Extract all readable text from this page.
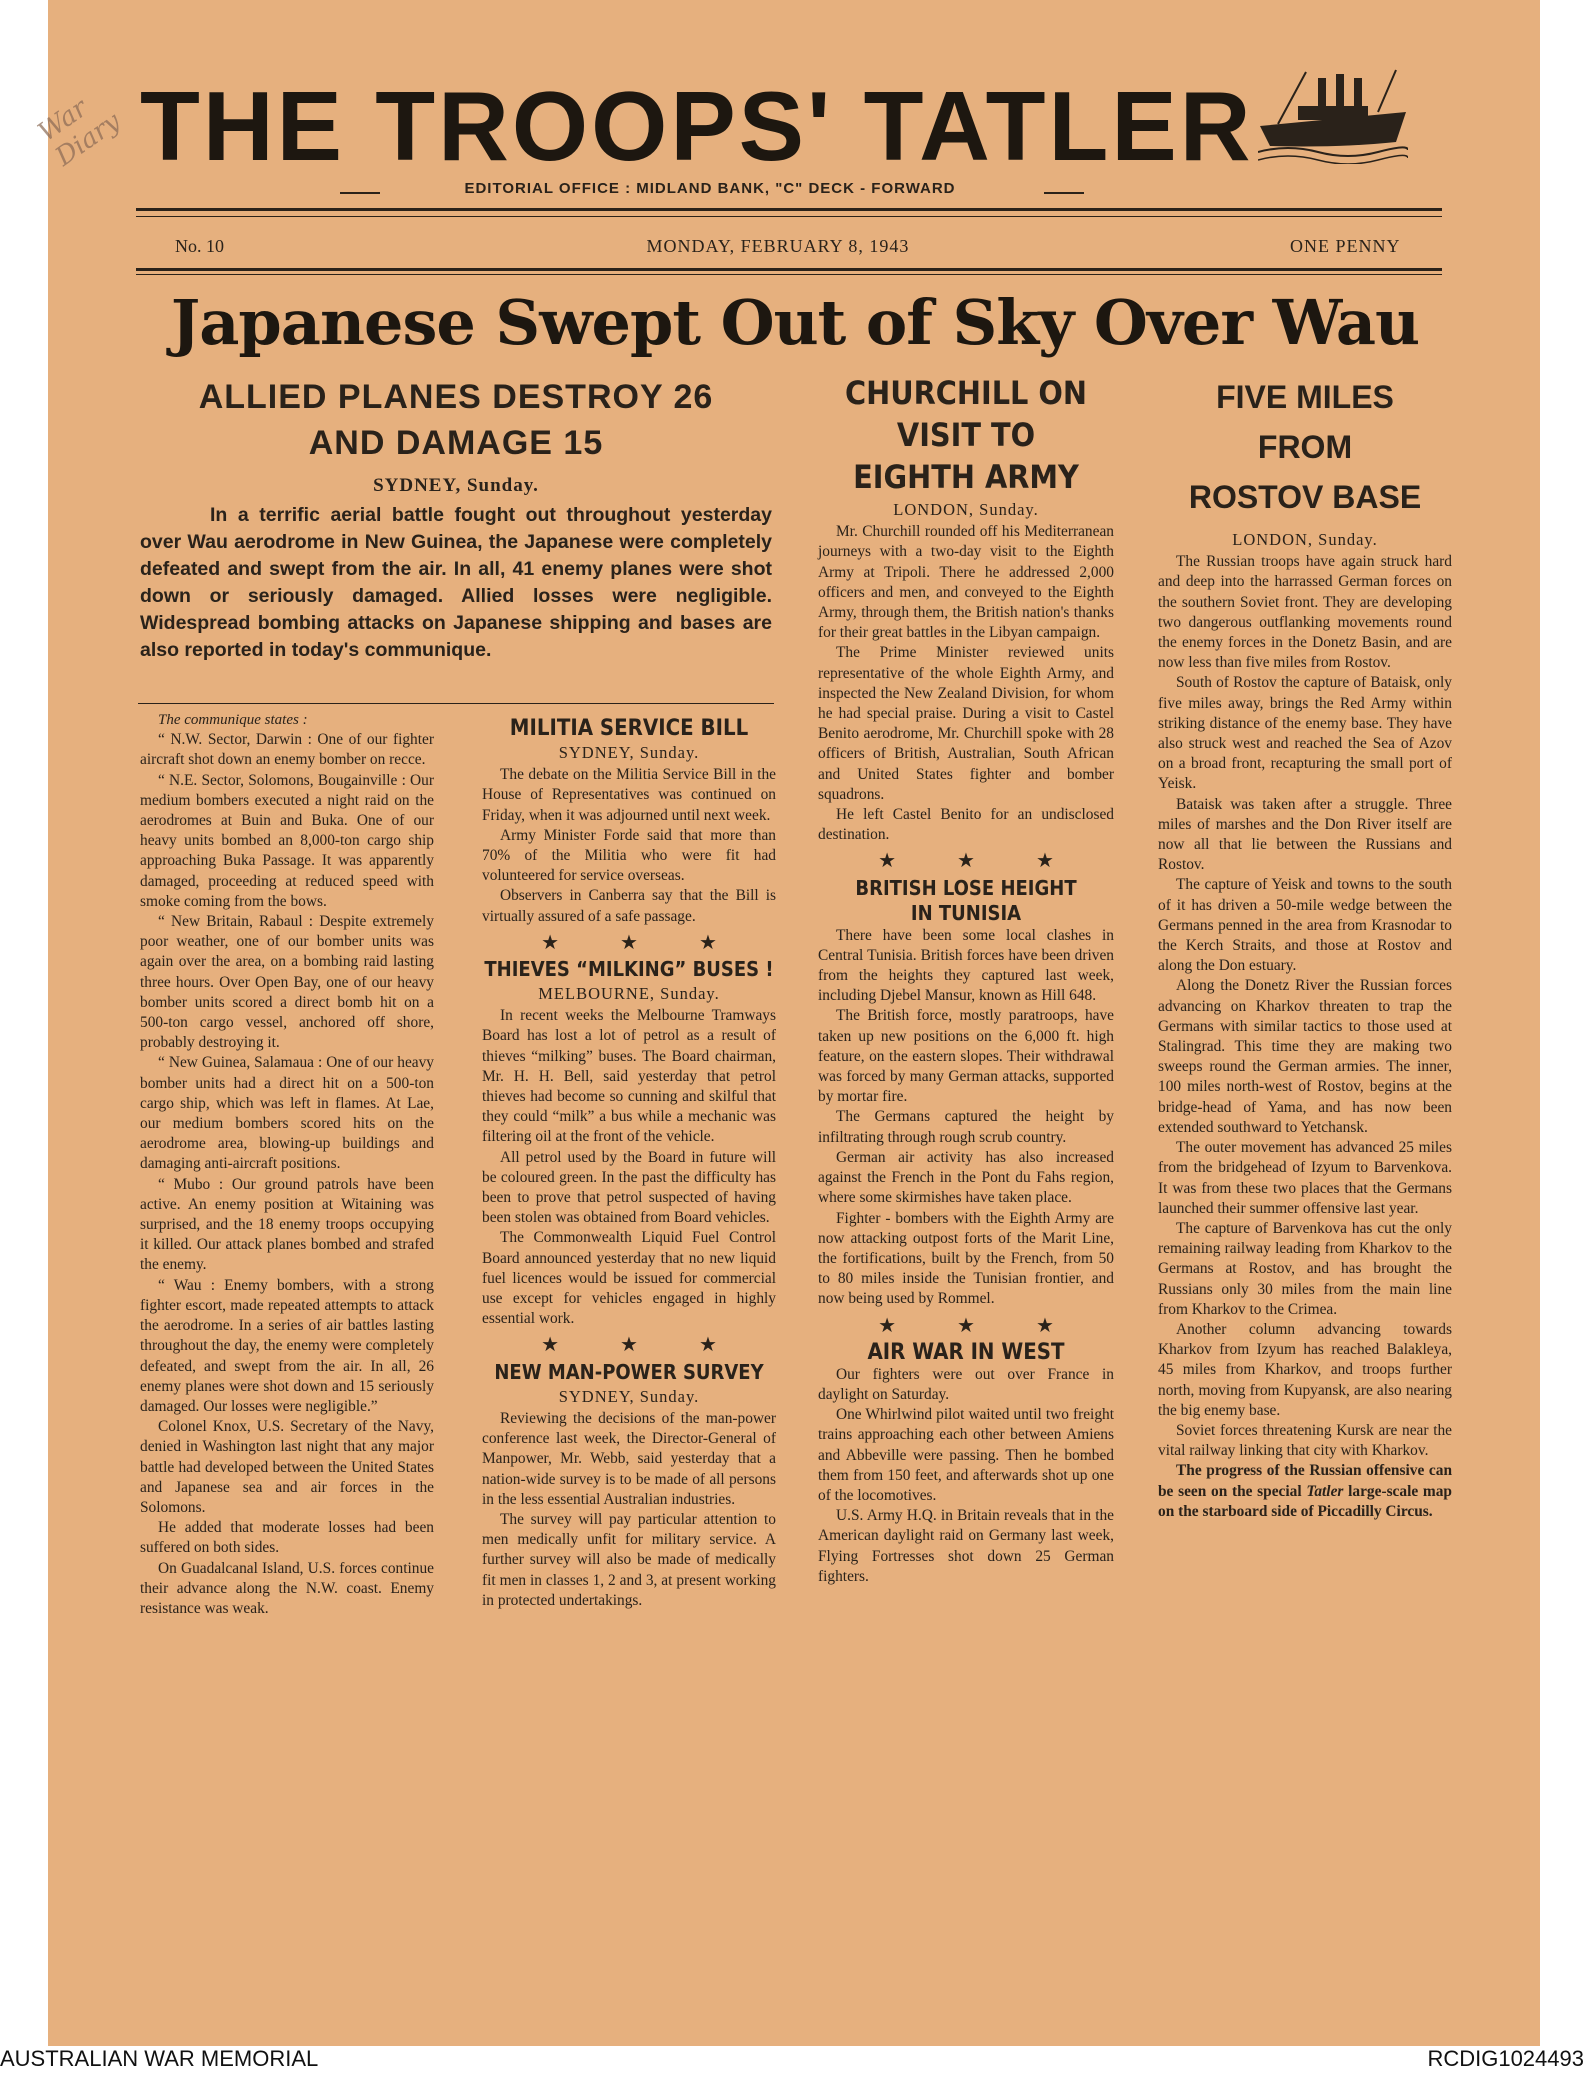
War Diary THE TROOPS' TATLER
EDITORIAL OFFICE : MIDLAND BANK, "C" DECK - FORWARD
No. 10	MONDAY, FEBRUARY 8, 1943	ONE PENNY
Japanese Swept Out of Sky Over Wau
ALLIED PLANES DESTROY 26
AND DAMAGE 15
SYDNEY, Sunday.
In a terrific aerial battle fought out throughout yesterday over Wau aerodrome in New Guinea, the Japanese were completely defeated and swept from the air. In all, 41 enemy planes were shot down or seriously damaged. Allied losses were negligible. Widespread bombing attacks on Japanese shipping and bases are also reported in today's communique.

The communique states :

“ N.W. Sector, Darwin : One of our fighter aircraft shot down an enemy bomber on recce.

“ N.E. Sector, Solomons, Bougainville : Our medium bombers executed a night raid on the aerodromes at Buin and Buka. One of our heavy units bombed an 8,000-ton cargo ship approaching Buka Passage. It was apparently damaged, proceeding at reduced speed with smoke coming from the bows.

“ New Britain, Rabaul : Despite extremely poor weather, one of our bomber units was again over the area, on a bombing raid lasting three hours. Over Open Bay, one of our heavy bomber units scored a direct bomb hit on a 500-ton cargo vessel, anchored off shore, probably destroying it.

“ New Guinea, Salamaua : One of our heavy bomber units had a direct hit on a 500-ton cargo ship, which was left in flames. At Lae, our medium bombers scored hits on the aerodrome area, blowing-up buildings and damaging anti-aircraft positions.

“ Mubo : Our ground patrols have been active. An enemy position at Witaining was surprised, and the 18 enemy troops occupying it killed. Our attack planes bombed and strafed the enemy.

“ Wau : Enemy bombers, with a strong fighter escort, made repeated attempts to attack the aerodrome. In a series of air battles lasting throughout the day, the enemy were completely defeated, and swept from the air. In all, 26 enemy planes were shot down and 15 seriously damaged. Our losses were negligible.”

Colonel Knox, U.S. Secretary of the Navy, denied in Washington last night that any major battle had developed between the United States and Japanese sea and air forces in the Solomons.

He added that moderate losses had been suffered on both sides.

On Guadalcanal Island, U.S. forces continue their advance along the N.W. coast. Enemy resistance was weak.

MILITIA SERVICE BILL
SYDNEY, Sunday.

The debate on the Militia Service Bill in the House of Representatives was continued on Friday, when it was adjourned until next week.

Army Minister Forde said that more than 70% of the Militia who were fit had volunteered for service overseas.

Observers in Canberra say that the Bill is virtually assured of a safe passage.

★ ★ ★
THIEVES “MILKING” BUSES !
MELBOURNE, Sunday.

In recent weeks the Melbourne Tramways Board has lost a lot of petrol as a result of thieves “milking” buses. The Board chairman, Mr. H. H. Bell, said yesterday that petrol thieves had become so cunning and skilful that they could “milk” a bus while a mechanic was filtering oil at the front of the vehicle.

All petrol used by the Board in future will be coloured green. In the past the difficulty has been to prove that petrol suspected of having been stolen was obtained from Board vehicles.

The Commonwealth Liquid Fuel Control Board announced yesterday that no new liquid fuel licences would be issued for commercial use except for vehicles engaged in highly essential work.

★ ★ ★
NEW MAN-POWER SURVEY
SYDNEY, Sunday.

Reviewing the decisions of the man-power conference last week, the Director-General of Manpower, Mr. Webb, said yesterday that a nation-wide survey is to be made of all persons in the less essential Australian industries.

The survey will pay particular attention to men medically unfit for military service. A further survey will also be made of medically fit men in classes 1, 2 and 3, at present working in protected undertakings.

CHURCHILL ON
VISIT TO
EIGHTH ARMY
LONDON, Sunday.

Mr. Churchill rounded off his Mediterranean journeys with a two-day visit to the Eighth Army at Tripoli. There he addressed 2,000 officers and men, and conveyed to the Eighth Army, through them, the British nation's thanks for their great battles in the Libyan campaign.

The Prime Minister reviewed units representative of the whole Eighth Army, and inspected the New Zealand Division, for whom he had special praise. During a visit to Castel Benito aerodrome, Mr. Churchill spoke with 28 officers of British, Australian, South African and United States fighter and bomber squadrons.

He left Castel Benito for an undisclosed destination.

★ ★ ★
BRITISH LOSE HEIGHT
IN TUNISIA

There have been some local clashes in Central Tunisia. British forces have been driven from the heights they captured last week, including Djebel Mansur, known as Hill 648.

The British force, mostly paratroops, have taken up new positions on the 6,000 ft. high feature, on the eastern slopes. Their withdrawal was forced by many German attacks, supported by mortar fire.

The Germans captured the height by infiltrating through rough scrub country.

German air activity has also increased against the French in the Pont du Fahs region, where some skirmishes have taken place.

Fighter - bombers with the Eighth Army are now attacking outpost forts of the Marit Line, the fortifications, built by the French, from 50 to 80 miles inside the Tunisian frontier, and now being used by Rommel.

★ ★ ★
AIR WAR IN WEST

Our fighters were out over France in daylight on Saturday.

One Whirlwind pilot waited until two freight trains approaching each other between Amiens and Abbeville were passing. Then he bombed them from 150 feet, and afterwards shot up one of the locomotives.

U.S. Army H.Q. in Britain reveals that in the American daylight raid on Germany last week, Flying Fortresses shot down 25 German fighters.

FIVE MILES
FROM
ROSTOV BASE
LONDON, Sunday.

The Russian troops have again struck hard and deep into the harrassed German forces on the southern Soviet front. They are developing two dangerous outflanking movements round the enemy forces in the Donetz Basin, and are now less than five miles from Rostov.

South of Rostov the capture of Bataisk, only five miles away, brings the Red Army within striking distance of the enemy base. They have also struck west and reached the Sea of Azov on a broad front, recapturing the small port of Yeisk.

Bataisk was taken after a struggle. Three miles of marshes and the Don River itself are now all that lie between the Russians and Rostov.

The capture of Yeisk and towns to the south of it has driven a 50-mile wedge between the Germans penned in the area from Krasnodar to the Kerch Straits, and those at Rostov and along the Don estuary.

Along the Donetz River the Russian forces advancing on Kharkov threaten to trap the Germans with similar tactics to those used at Stalingrad. This time they are making two sweeps round the German armies. The inner, 100 miles north-west of Rostov, begins at the bridge-head of Yama, and has now been extended southward to Yetchansk.

The outer movement has advanced 25 miles from the bridgehead of Izyum to Barvenkova. It was from these two places that the Germans launched their summer offensive last year.

The capture of Barvenkova has cut the only remaining railway leading from Kharkov to the Germans at Rostov, and has brought the Russians only 30 miles from the main line from Kharkov to the Crimea.

Another column advancing towards Kharkov from Izyum has reached Balakleya, 45 miles from Kharkov, and troops further north, moving from Kupyansk, are also nearing the big enemy base.

Soviet forces threatening Kursk are near the vital railway linking that city with Kharkov.

The progress of the Russian offensive can be seen on the special Tatler large-scale map on the starboard side of Piccadilly Circus.

AUSTRALIAN WAR MEMORIAL	RCDIG1024493
